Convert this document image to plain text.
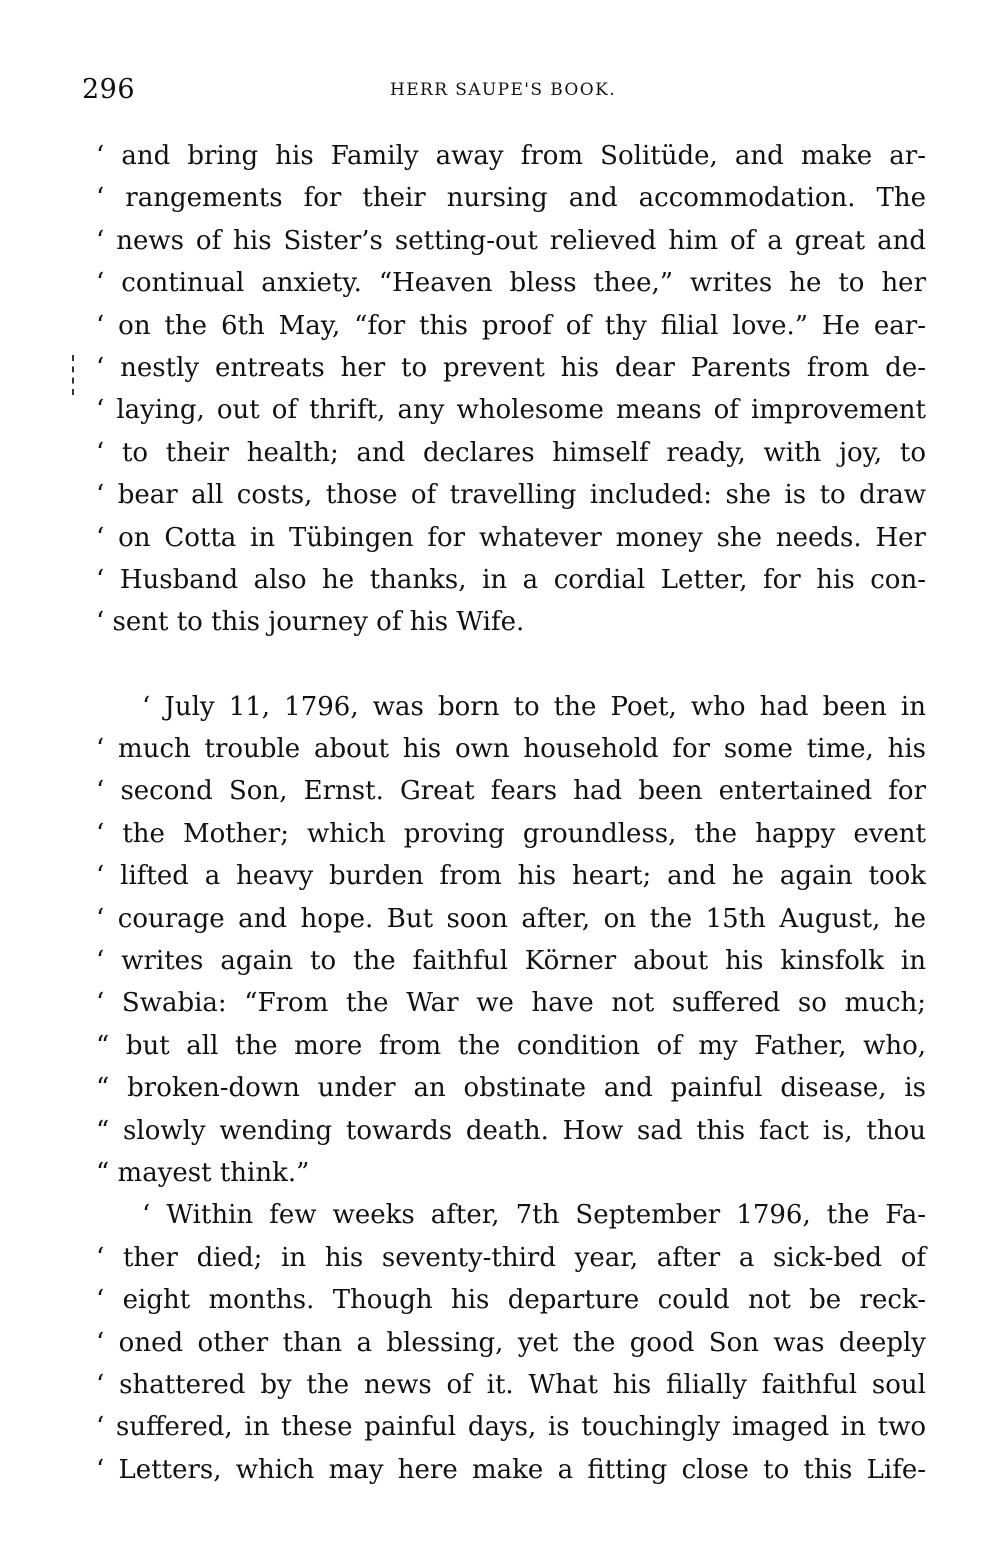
296	HERR SAUPE'S BOOK.
‘ and bring his Family away from Solitüde, and make ar-
‘ rangements for their nursing and accommodation. The
‘ news of his Sister’s setting-out relieved him of a great and
‘ continual anxiety. “Heaven bless thee,” writes he to her
‘ on the 6th May, “for this proof of thy filial love.” He ear-
‘ nestly entreats her to prevent his dear Parents from de-
‘ laying, out of thrift, any wholesome means of improvement
‘ to their health; and declares himself ready, with joy, to
‘ bear all costs, those of travelling included: she is to draw
‘ on Cotta in Tübingen for whatever money she needs. Her
‘ Husband also he thanks, in a cordial Letter, for his con-
‘ sent to this journey of his Wife.
‘ July 11, 1796, was born to the Poet, who had been in
‘ much trouble about his own household for some time, his
‘ second Son, Ernst. Great fears had been entertained for
‘ the Mother; which proving groundless, the happy event
‘ lifted a heavy burden from his heart; and he again took
‘ courage and hope. But soon after, on the 15th August, he
‘ writes again to the faithful Körner about his kinsfolk in
‘ Swabia: “From the War we have not suffered so much;
“ but all the more from the condition of my Father, who,
“ broken-down under an obstinate and painful disease, is
“ slowly wending towards death. How sad this fact is, thou
“ mayest think.”
‘ Within few weeks after, 7th September 1796, the Fa-
‘ ther died; in his seventy-third year, after a sick-bed of
‘ eight months. Though his departure could not be reck-
‘ oned other than a blessing, yet the good Son was deeply
‘ shattered by the news of it. What his filially faithful soul
‘ suffered, in these painful days, is touchingly imaged in two
‘ Letters, which may here make a fitting close to this Life-
